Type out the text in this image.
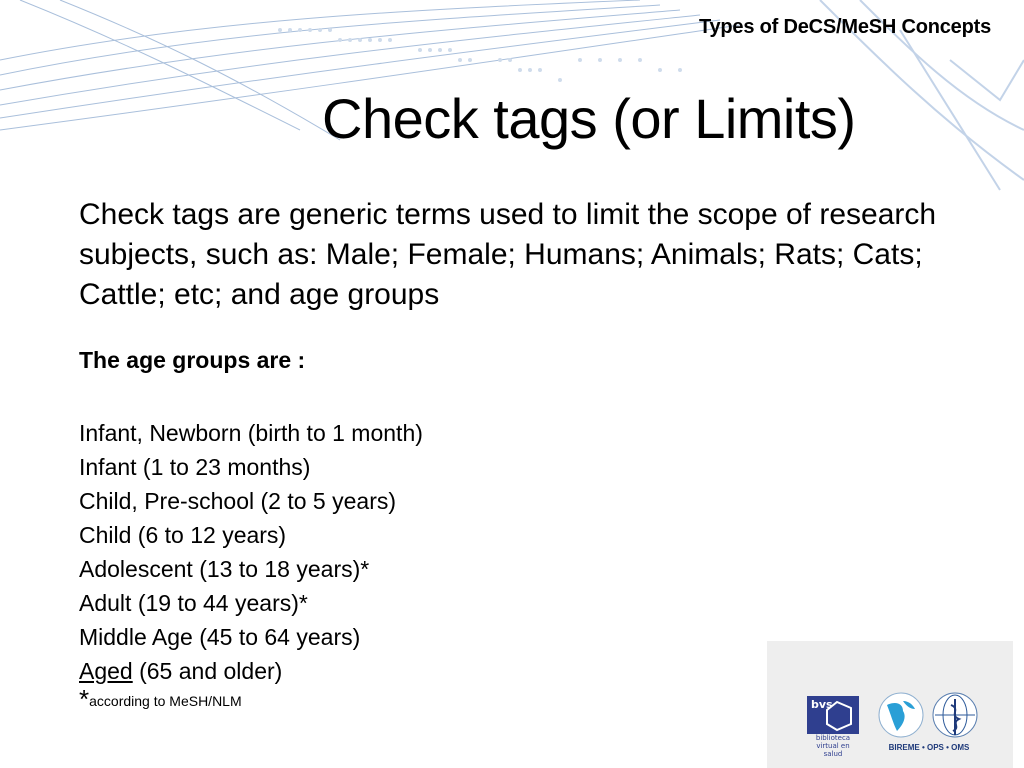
Types of DeCS/MeSH Concepts
Check tags (or Limits)
Check tags are generic terms used to limit the scope of research subjects, such as: Male; Female; Humans; Animals; Rats; Cats; Cattle; etc; and age groups
The age groups are :
Infant, Newborn (birth to 1 month)
Infant (1 to 23 months)
Child, Pre-school (2 to 5 years)
Child (6 to 12 years)
Adolescent (13 to 18 years)*
Adult (19 to 44 years)*
Middle Age (45 to 64 years)
Aged (65 and older)
*according to MeSH/NLM	bvs
biblioteca
virtual en salud
BIREME • OPS • OMS
